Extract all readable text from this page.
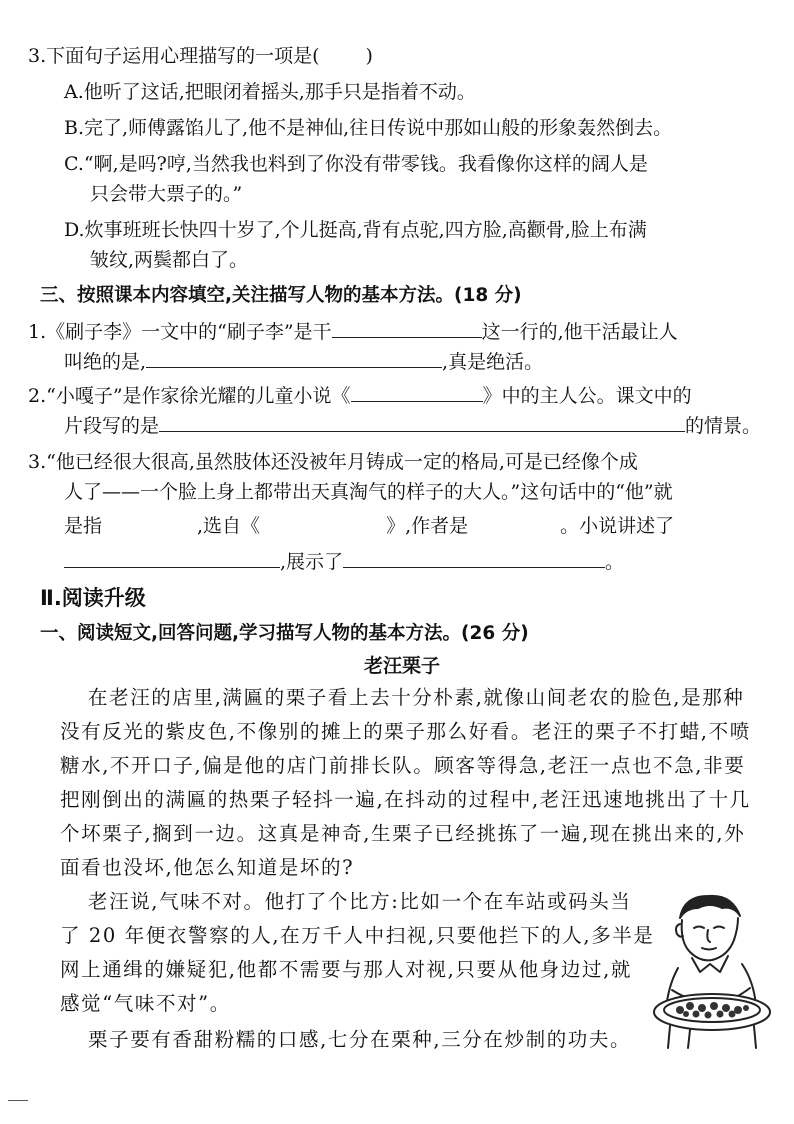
3.下面句子运用心理描写的一项是( )
A.他听了这话,把眼闭着摇头,那手只是指着不动。
B.完了,师傅露馅儿了,他不是神仙,往日传说中那如山般的形象轰然倒去。
C.“啊,是吗?哼,当然我也料到了你没有带零钱。我看像你这样的阔人是
只会带大票子的。”
D.炊事班班长快四十岁了,个儿挺高,背有点驼,四方脸,高颧骨,脸上布满
皱纹,两鬓都白了。
三、按照课本内容填空,关注描写人物的基本方法。(18 分)
1.《刷子李》一文中的“刷子李”是干	这一行的,他干活最让人
叫绝的是,	,真是绝活。
2.“小嘎子”是作家徐光耀的儿童小说《	》中的主人公。课文中的
片段写的是	的情景。
3.“他已经很大很高,虽然肢体还没被年月铸成一定的格局,可是已经像个成
人了——一个脸上身上都带出天真淘气的样子的大人。”这句话中的“他”就
是指	,选自《	》,作者是	。小说讲述了
,展示了	。
Ⅱ.阅读升级
一、阅读短文,回答问题,学习描写人物的基本方法。(26 分)
老汪栗子
在老汪的店里,满匾的栗子看上去十分朴素,就像山间老农的脸色,是那种
没有反光的紫皮色,不像别的摊上的栗子那么好看。老汪的栗子不打蜡,不喷
糖水,不开口子,偏是他的店门前排长队。顾客等得急,老汪一点也不急,非要
把刚倒出的满匾的热栗子轻抖一遍,在抖动的过程中,老汪迅速地挑出了十几
个坏栗子,搁到一边。这真是神奇,生栗子已经挑拣了一遍,现在挑出来的,外
面看也没坏,他怎么知道是坏的?
老汪说,气味不对。他打了个比方:比如一个在车站或码头当
了 20 年便衣警察的人,在万千人中扫视,只要他拦下的人,多半是
网上通缉的嫌疑犯,他都不需要与那人对视,只要从他身边过,就
感觉“气味不对”。
栗子要有香甜粉糯的口感,七分在栗种,三分在炒制的功夫。
